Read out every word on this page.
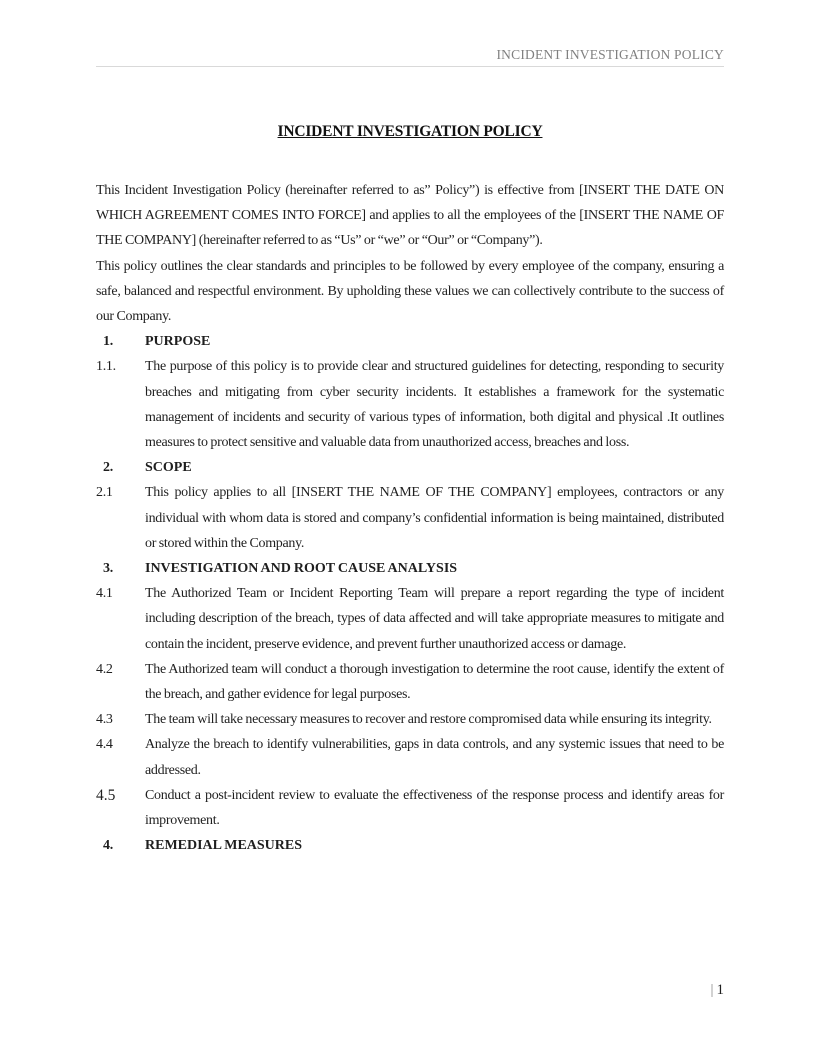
INCIDENT INVESTIGATION POLICY
INCIDENT INVESTIGATION POLICY

This Incident Investigation Policy (hereinafter referred to as” Policy”) is effective from [INSERT THE DATE ON WHICH AGREEMENT COMES INTO FORCE] and applies to all the employees of the [INSERT THE NAME OF THE COMPANY] (hereinafter referred to as “Us” or “we” or “Our” or “Company”).

This policy outlines the clear standards and principles to be followed by every employee of the company, ensuring a safe, balanced and respectful environment. By upholding these values we can collectively contribute to the success of our Company.

1.	PURPOSE
1.1.	The purpose of this policy is to provide clear and structured guidelines for detecting, responding to security breaches and mitigating from cyber security incidents. It establishes a framework for the systematic management of incidents and security of various types of information, both digital and physical .It outlines measures to protect sensitive and valuable data from unauthorized access, breaches and loss.
2.	SCOPE
2.1	This policy applies to all [INSERT THE NAME OF THE COMPANY] employees, contractors or any individual with whom data is stored and company’s confidential information is being maintained, distributed or stored within the Company.
3.	INVESTIGATION AND ROOT CAUSE ANALYSIS
4.1	The Authorized Team or Incident Reporting Team will prepare a report regarding the type of incident including description of the breach, types of data affected and will take appropriate measures to mitigate and contain the incident, preserve evidence, and prevent further unauthorized access or damage.
4.2	The Authorized team will conduct a thorough investigation to determine the root cause, identify the extent of the breach, and gather evidence for legal purposes.
4.3	The team will take necessary measures to recover and restore compromised data while ensuring its integrity.
4.4	Analyze the breach to identify vulnerabilities, gaps in data controls, and any systemic issues that need to be addressed.
4.5	Conduct a post-incident review to evaluate the effectiveness of the response process and identify areas for improvement.
4.	REMEDIAL MEASURES
| 1
